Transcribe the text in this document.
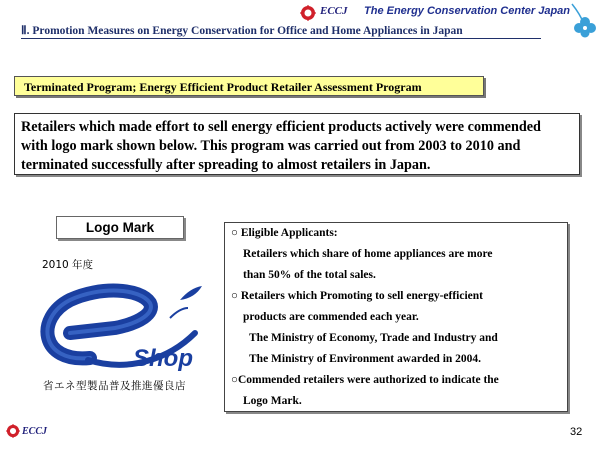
ECCJ The Energy Conservation Center Japan
Ⅱ. Promotion Measures on Energy Conservation for Office and Home Appliances in Japan
Terminated Program; Energy Efficient Product Retailer Assessment Program
Retailers which made effort to sell energy efficient products actively were commended
with logo mark shown below. This program was carried out from 2003 to 2010 and
terminated successfully after spreading to almost retailers in Japan.
Logo Mark
2010 年度
Shop
省エネ型製品普及推進優良店
○ Eligible Applicants:
Retailers which share of home appliances are more
than 50% of the total sales.
○ Retailers which Promoting to sell energy-efficient
products are commended each year.
The Ministry of Economy, Trade and Industry and
The Ministry of Environment awarded in 2004.
○Commended retailers were authorized to indicate the
Logo Mark.
ECCJ	32
